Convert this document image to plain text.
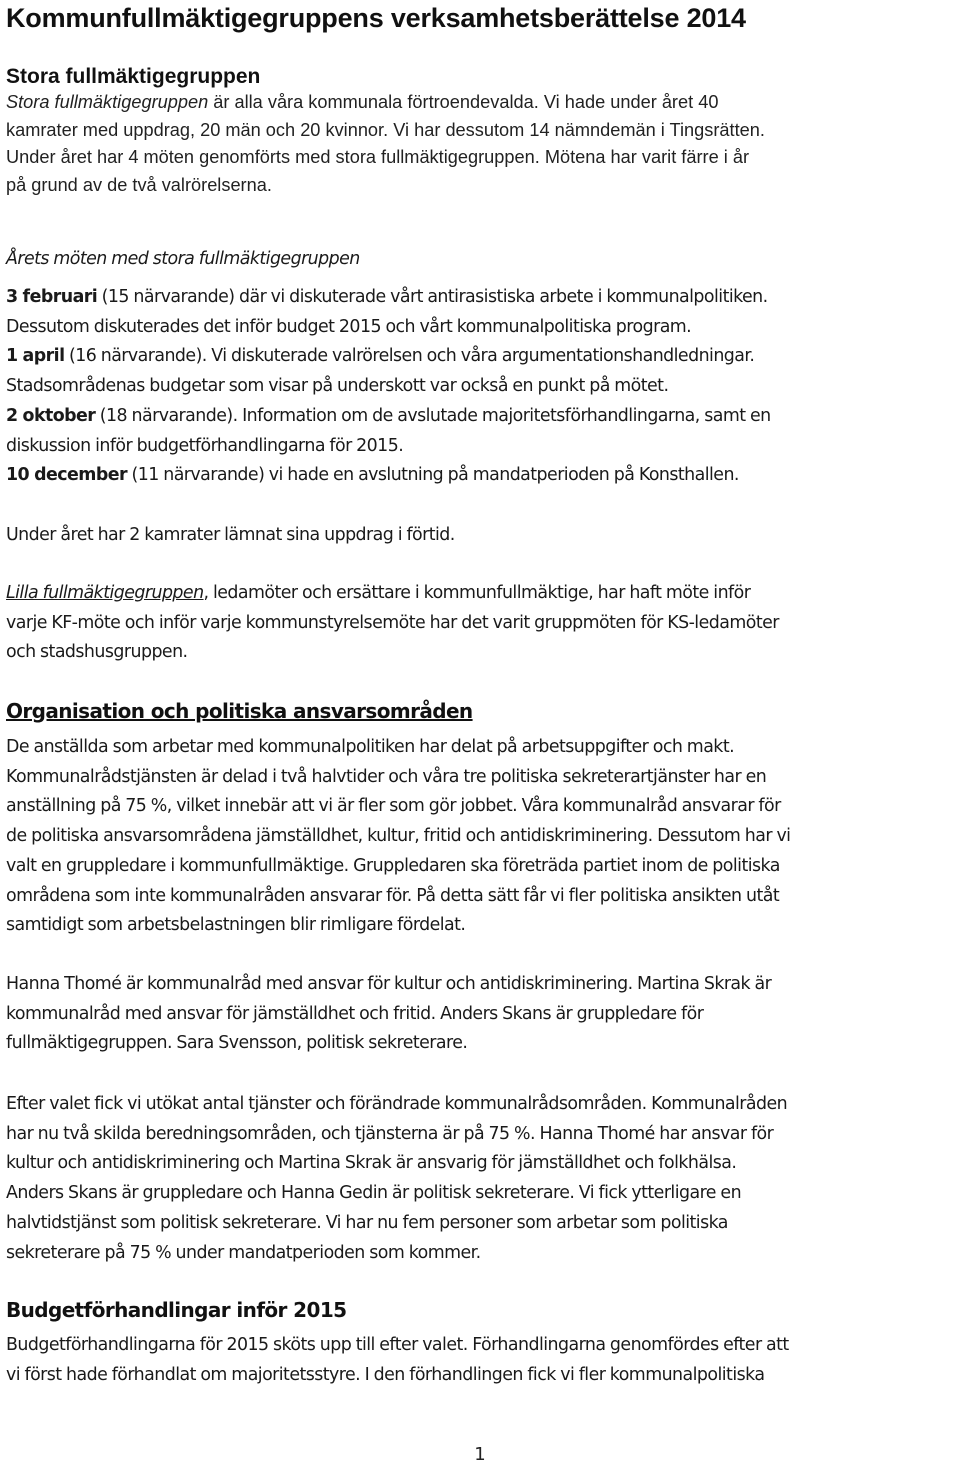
Kommunfullmäktigegruppens verksamhetsberättelse 2014
Stora fullmäktigegruppen
Stora fullmäktigegruppen är alla våra kommunala förtroendevalda. Vi hade under året 40
kamrater med uppdrag, 20 män och 20 kvinnor. Vi har dessutom 14 nämndemän i Tingsrätten.
Under året har 4 möten genomförts med stora fullmäktigegruppen. Mötena har varit färre i år
på grund av de två valrörelserna.
Årets möten med stora fullmäktigegruppen
3 februari (15 närvarande) där vi diskuterade vårt antirasistiska arbete i kommunalpolitiken.
Dessutom diskuterades det inför budget 2015 och vårt kommunalpolitiska program.
1 april (16 närvarande). Vi diskuterade valrörelsen och våra argumentationshandledningar.
Stadsområdenas budgetar som visar på underskott var också en punkt på mötet.
2 oktober (18 närvarande). Information om de avslutade majoritetsförhandlingarna, samt en
diskussion inför budgetförhandlingarna för 2015.
10 december (11 närvarande) vi hade en avslutning på mandatperioden på Konsthallen.
Under året har 2 kamrater lämnat sina uppdrag i förtid.
Lilla fullmäktigegruppen, ledamöter och ersättare i kommunfullmäktige, har haft möte inför
varje KF-möte och inför varje kommunstyrelsemöte har det varit gruppmöten för KS-ledamöter
och stadshusgruppen.
Organisation och politiska ansvarsområden
De anställda som arbetar med kommunalpolitiken har delat på arbetsuppgifter och makt.
Kommunalrådstjänsten är delad i två halvtider och våra tre politiska sekreterartjänster har en
anställning på 75 %, vilket innebär att vi är fler som gör jobbet. Våra kommunalråd ansvarar för
de politiska ansvarsområdena jämställdhet, kultur, fritid och antidiskriminering. Dessutom har vi
valt en gruppledare i kommunfullmäktige. Gruppledaren ska företräda partiet inom de politiska
områdena som inte kommunalråden ansvarar för. På detta sätt får vi fler politiska ansikten utåt
samtidigt som arbetsbelastningen blir rimligare fördelat.
Hanna Thomé är kommunalråd med ansvar för kultur och antidiskriminering. Martina Skrak är
kommunalråd med ansvar för jämställdhet och fritid. Anders Skans är gruppledare för
fullmäktigegruppen. Sara Svensson, politisk sekreterare.
Efter valet fick vi utökat antal tjänster och förändrade kommunalrådsområden. Kommunalråden
har nu två skilda beredningsområden, och tjänsterna är på 75 %. Hanna Thomé har ansvar för
kultur och antidiskriminering och Martina Skrak är ansvarig för jämställdhet och folkhälsa.
Anders Skans är gruppledare och Hanna Gedin är politisk sekreterare. Vi fick ytterligare en
halvtidstjänst som politisk sekreterare. Vi har nu fem personer som arbetar som politiska
sekreterare på 75 % under mandatperioden som kommer.
Budgetförhandlingar inför 2015
Budgetförhandlingarna för 2015 sköts upp till efter valet. Förhandlingarna genomfördes efter att
vi först hade förhandlat om majoritetsstyre. I den förhandlingen fick vi fler kommunalpolitiska
1
